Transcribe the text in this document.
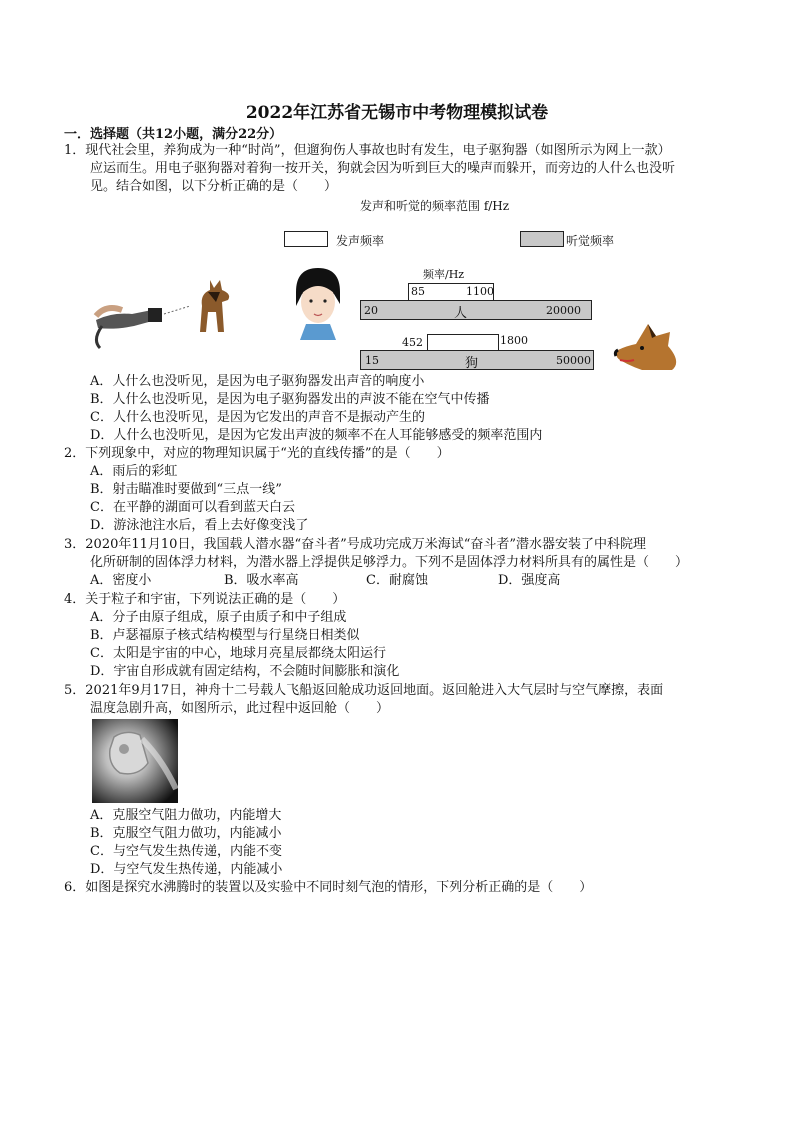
2022年江苏省无锡市中考物理模拟试卷
一．选择题（共12小题，满分22分）
1．现代社会里，养狗成为一种“时尚”，但遛狗伤人事故也时有发生，电子驱狗器（如图所示为网上一款）
应运而生。用电子驱狗器对着狗一按开关，狗就会因为听到巨大的噪声而躲开，而旁边的人什么也没听
见。结合如图，以下分析正确的是（　　）
发声和听觉的频率范围 f/Hz
发声频率	听觉频率
频率/Hz
85	1100
20	人	20000
452	1800
15	狗	50000
A．人什么也没听见，是因为电子驱狗器发出声音的响度小
B．人什么也没听见，是因为电子驱狗器发出的声波不能在空气中传播
C．人什么也没听见，是因为它发出的声音不是振动产生的
D．人什么也没听见，是因为它发出声波的频率不在人耳能够感受的频率范围内
2．下列现象中，对应的物理知识属于“光的直线传播”的是（　　）
A．雨后的彩虹
B．射击瞄准时要做到“三点一线”
C．在平静的湖面可以看到蓝天白云
D．游泳池注水后，看上去好像变浅了
3．2020年11月10日，我国载人潜水器“奋斗者”号成功完成万米海试“奋斗者”潜水器安装了中科院理
化所研制的固体浮力材料，为潜水器上浮提供足够浮力。下列不是固体浮力材料所具有的属性是（　　）
A．密度小	B．吸水率高	C．耐腐蚀	D．强度高
4．关于粒子和宇宙，下列说法正确的是（　　）
A．分子由原子组成，原子由质子和中子组成
B．卢瑟福原子核式结构模型与行星绕日相类似
C．太阳是宇宙的中心，地球月亮星辰都绕太阳运行
D．宇宙自形成就有固定结构，不会随时间膨胀和演化
5．2021年9月17日，神舟十二号载人飞船返回舱成功返回地面。返回舱进入大气层时与空气摩擦，表面
温度急剧升高，如图所示，此过程中返回舱（　　）
A．克服空气阻力做功，内能增大
B．克服空气阻力做功，内能减小
C．与空气发生热传递，内能不变
D．与空气发生热传递，内能减小
6．如图是探究水沸腾时的装置以及实验中不同时刻气泡的情形，下列分析正确的是（　　）
